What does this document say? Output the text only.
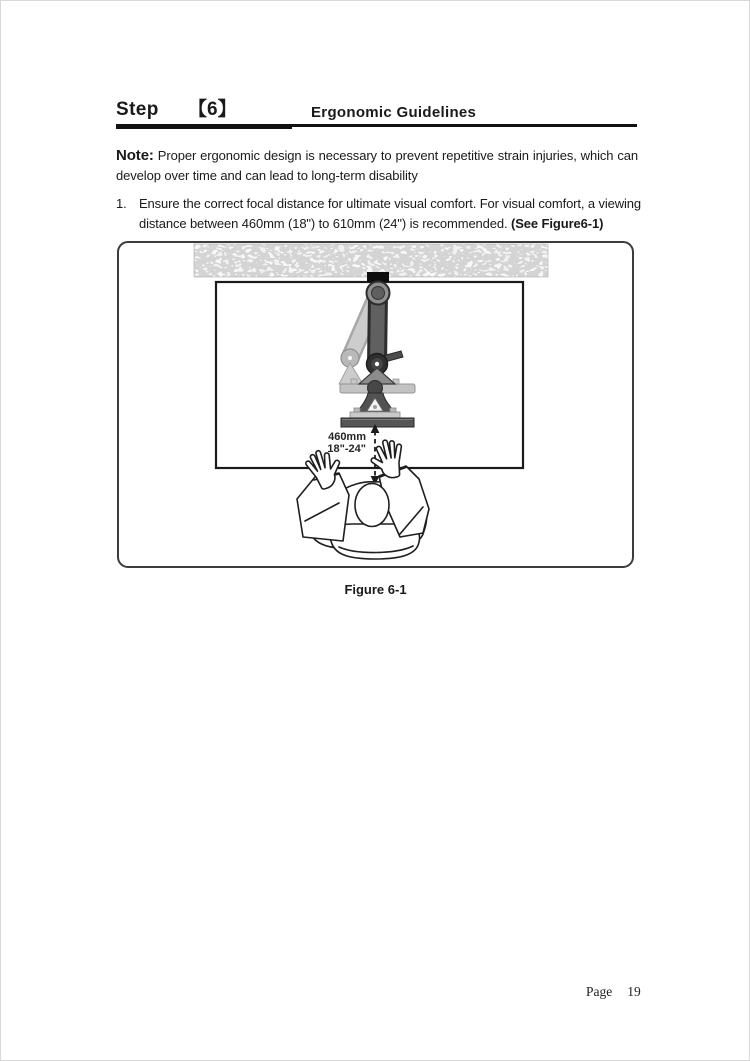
Step 【6】	Ergonomic Guidelines

Note: Proper ergonomic design is necessary to prevent repetitive strain injuries, which can develop over time and can lead to long-term disability

1. Ensure the correct focal distance for ultimate visual comfort. For visual comfort, a viewing distance between 460mm (18") to 610mm (24") is recommended. (See Figure6-1)
460mm
18"-24"
Figure 6-1
Page 19
